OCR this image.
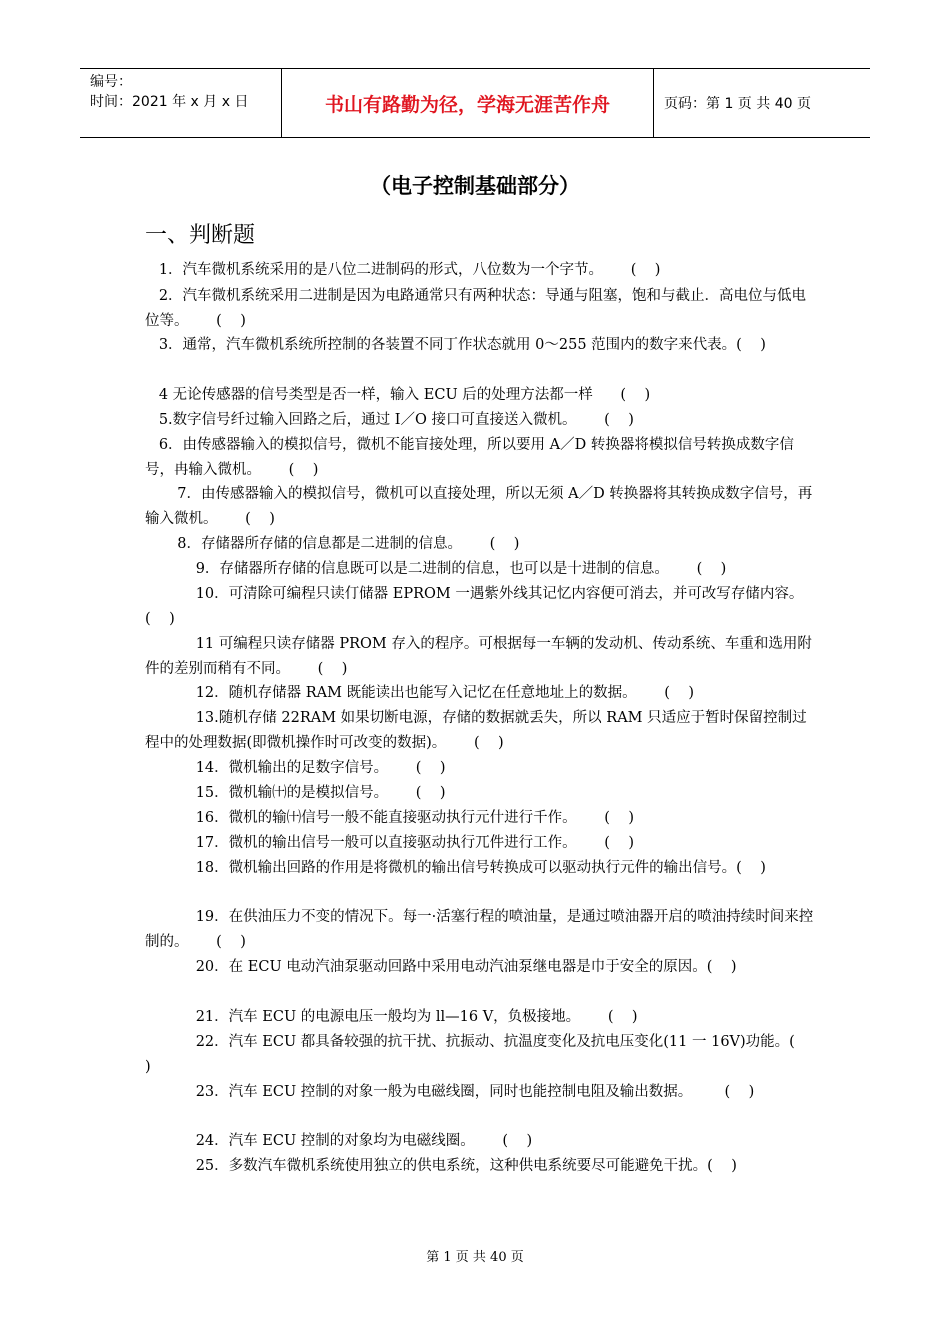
编号：
时间：2021 年 x 月 x 日	书山有路勤为径，学海无涯苦作舟	页码：第 1 页 共 40 页
（电子控制基础部分）
一、判断题
1．汽车微机系统采用的是八位二进制码的形式，八位数为一个字节。      (    )
2．汽车微机系统采用二进制是因为电路通常只有两种状态：导通与阻塞，饱和与截止．高电位与低电位等。      (    )
3．通常，汽车微机系统所控制的各装置不同丁作状态就用 0～255 范围内的数字来代表。(    )
4 无论传感器的信号类型是否一样，输入 ECU 后的处理方法都一样      (    )
5.数字信号纤过输入回路之后，通过 I／O 接口可直接送入微机。      (    )
6．由传感器输入的模拟信号，微机不能盲接处理，所以要用 A／D 转换器将模拟信号转换成数字信号，冉输入微机。      (    )
7．由传感器输入的模拟信号，微机可以直接处理，所以无须 A／D 转换器将其转换成数字信号，再输入微机。      (    )
8．存储器所存储的信息都是二进制的信息。      (    )
9．存储器所存储的信息既可以是二进制的信息，也可以是十进制的信息。      (    )
10．可清除可编程只读仃储器 EPROM 一遇紫外线其记忆内容便可消去，并可改写存储内容。      (    )
11 可编程只读存储器 PROM 存入的程序。可根据每一车辆的发动机、传动系统、车重和选用附件的差别而稍有不同。      (    )
12．随机存储器 RAM 既能读出也能写入记忆在任意地址上的数据。      (    )
13.随机存储 22RAM 如果切断电源，存储的数据就丢失，所以 RAM 只适应于暂时保留控制过程中的处理数据(即微机操作时可改变的数据)。      (    )
14．微机输出的足数字信号。      (    )
15．微机输㈩的是模拟信号。      (    )
16．微机的输㈩信号一般不能直接驱动执行元什进行千作。      (    )
17．微机的输出信号一般可以直接驱动执行兀件进行工作。      (    )
18．微机输出回路的作用是将微机的输出信号转换成可以驱动执行元件的输出信号。(    )
19．在供油压力不变的情况下。每一·活塞行程的喷油量，是通过喷油器开启的喷油持续时间来控制的。      (    )
20．在 ECU 电动汽油泵驱动回路中采用电动汽油泵继电器是巾于安全的原因。(    )
21．汽车 ECU 的电源电压一般均为 ll—16 V，负极接地。      (    )
22．汽车 ECU 都具备较强的抗干扰、抗振动、抗温度变化及抗电压变化(11 一 16V)功能。(    )
23．汽车 ECU 控制的对象一般为电磁线圈，同时也能控制电阻及输出数据。       (    )
24．汽车 ECU 控制的对象均为电磁线圈。      (    )
25．多数汽车微机系统使用独立的供电系统，这种供电系统要尽可能避免干扰。(    )
第 1 页 共 40 页
